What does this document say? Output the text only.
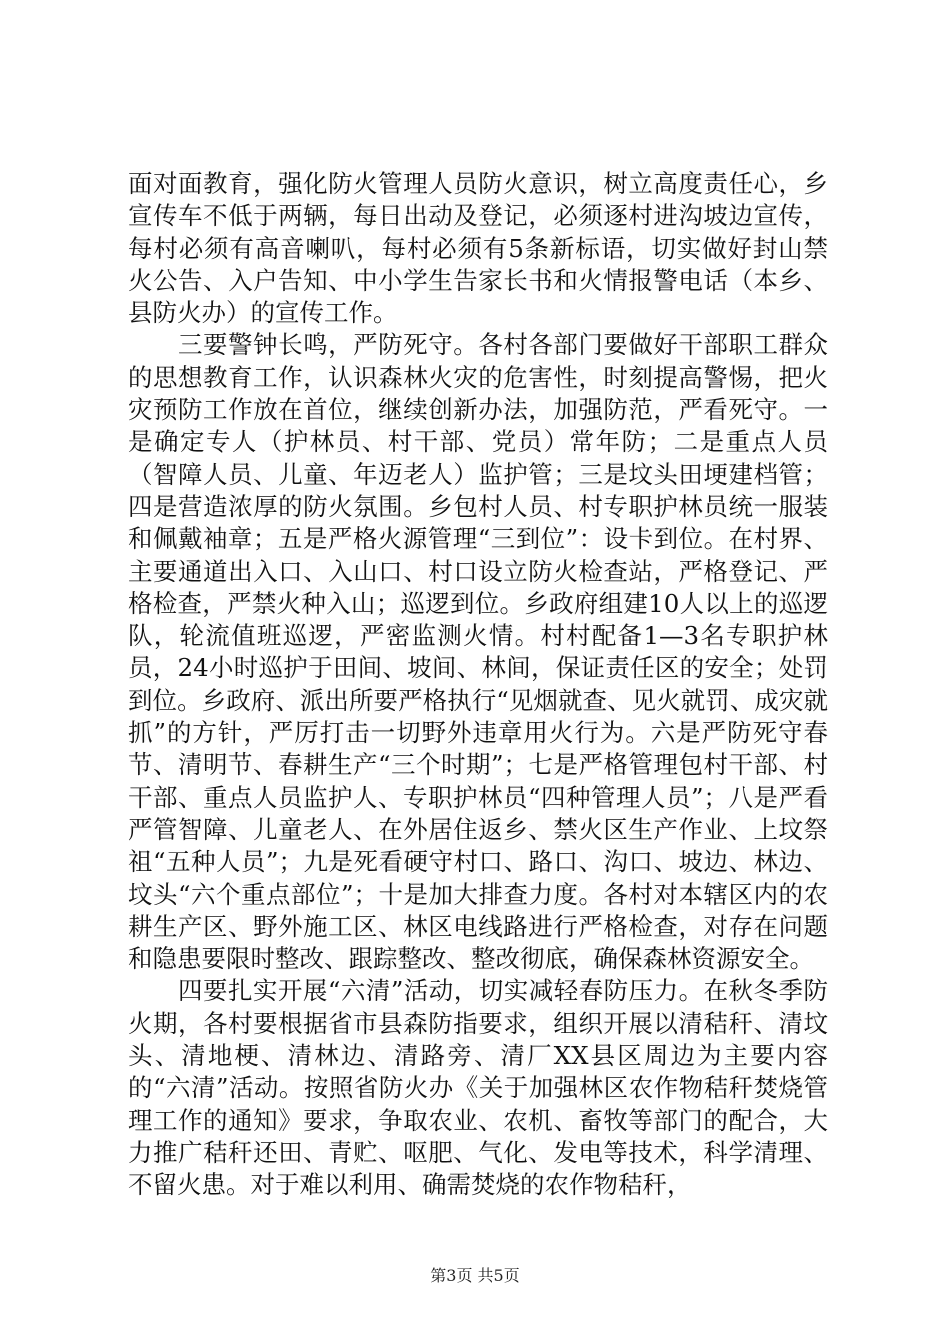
面对面教育，强化防火管理人员防火意识，树立高度责任心，乡宣传车不低于两辆，每日出动及登记，必须逐村进沟坡边宣传，每村必须有高音喇叭，每村必须有5条新标语，切实做好封山禁火公告、入户告知、中小学生告家长书和火情报警电话（本乡、县防火办）的宣传工作。

三要警钟长鸣，严防死守。各村各部门要做好干部职工群众的思想教育工作，认识森林火灾的危害性，时刻提高警惕，把火灾预防工作放在首位，继续创新办法，加强防范，严看死守。一是确定专人（护林员、村干部、党员）常年防；二是重点人员（智障人员、儿童、年迈老人）监护管；三是坟头田埂建档管；四是营造浓厚的防火氛围。乡包村人员、村专职护林员统一服装和佩戴袖章；五是严格火源管理“三到位”：设卡到位。在村界、主要通道出入口、入山口、村口设立防火检查站，严格登记、严格检查，严禁火种入山；巡逻到位。乡政府组建10人以上的巡逻队，轮流值班巡逻，严密监测火情。村村配备1—3名专职护林员，24小时巡护于田间、坡间、林间，保证责任区的安全；处罚到位。乡政府、派出所要严格执行“见烟就查、见火就罚、成灾就抓”的方针，严厉打击一切野外违章用火行为。六是严防死守春节、清明节、春耕生产“三个时期”；七是严格管理包村干部、村干部、重点人员监护人、专职护林员“四种管理人员”；八是严看严管智障、儿童老人、在外居住返乡、禁火区生产作业、上坟祭祖“五种人员”；九是死看硬守村口、路口、沟口、坡边、林边、坟头“六个重点部位”；十是加大排查力度。各村对本辖区内的农耕生产区、野外施工区、林区电线路进行严格检查，对存在问题和隐患要限时整改、跟踪整改、整改彻底，确保森林资源安全。

四要扎实开展“六清”活动，切实减轻春防压力。在秋冬季防火期，各村要根据省市县森防指要求，组织开展以清秸秆、清坟头、清地梗、清林边、清路旁、清厂XX县区周边为主要内容的“六清”活动。按照省防火办《关于加强林区农作物秸秆焚烧管理工作的通知》要求，争取农业、农机、畜牧等部门的配合，大力推广秸秆还田、青贮、呕肥、气化、发电等技术，科学清理、不留火患。对于难以利用、确需焚烧的农作物秸秆，

第3页 共5页
